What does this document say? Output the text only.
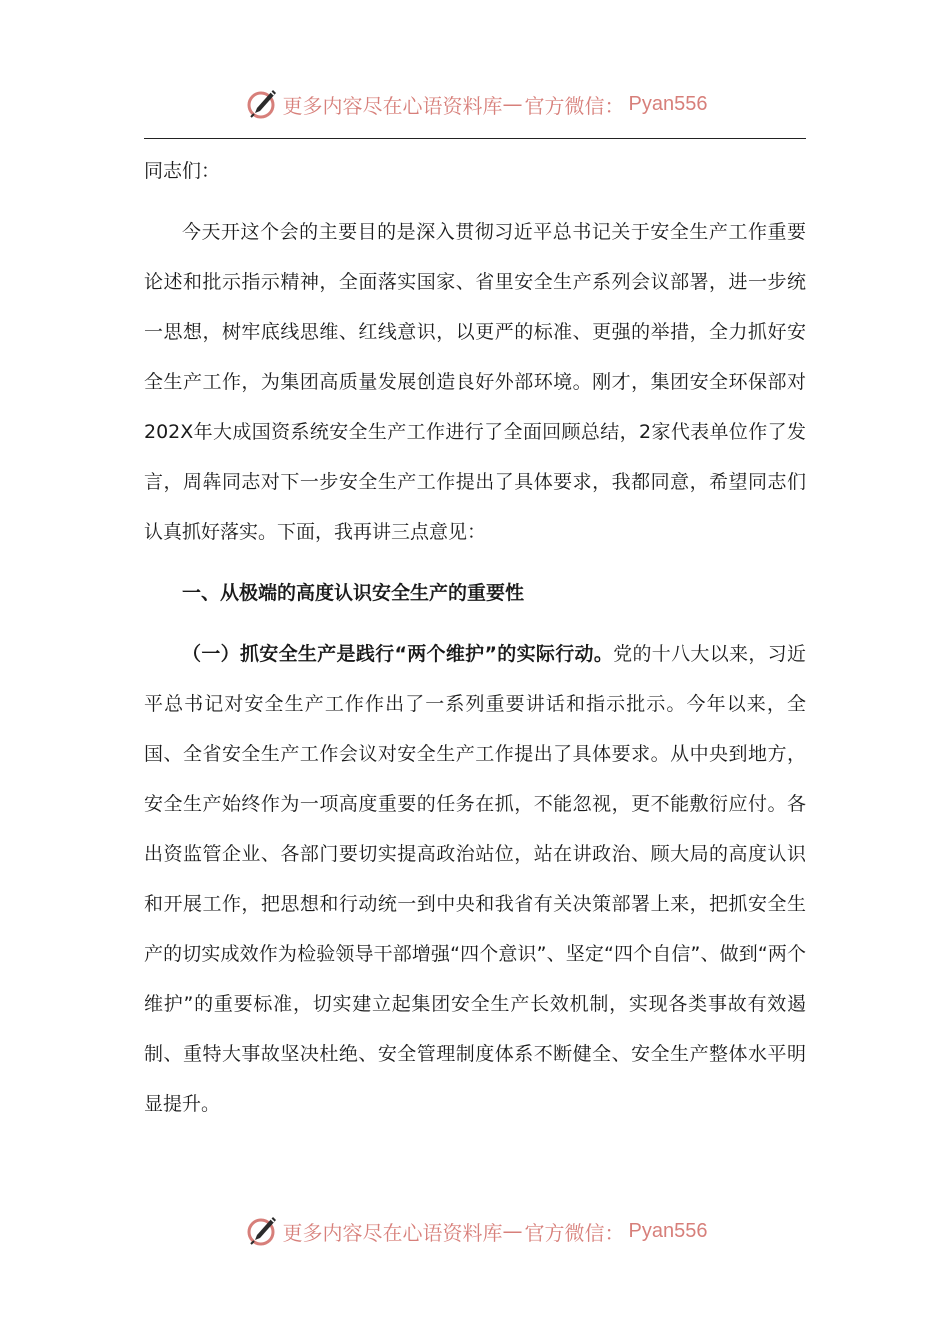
更多内容尽在心语资料库 — 官方微信： Pyan556

同志们：

今天开这个会的主要目的是深入贯彻习近平总书记关于安全生产工作重要论述和批示指示精神，全面落实国家、省里安全生产系列会议部署，进一步统一思想，树牢底线思维、红线意识，以更严的标准、更强的举措，全力抓好安全生产工作，为集团高质量发展创造良好外部环境。刚才，集团安全环保部对202X年大成国资系统安全生产工作进行了全面回顾总结，2家代表单位作了发言，周犇同志对下一步安全生产工作提出了具体要求，我都同意，希望同志们认真抓好落实。下面，我再讲三点意见：

一、从极端的高度认识安全生产的重要性

（一）抓安全生产是践行“两个维护”的实际行动。党的十八大以来，习近平总书记对安全生产工作作出了一系列重要讲话和指示批示。今年以来，全国、全省安全生产工作会议对安全生产工作提出了具体要求。从中央到地方，安全生产始终作为一项高度重要的任务在抓，不能忽视，更不能敷衍应付。各出资监管企业、各部门要切实提高政治站位，站在讲政治、顾大局的高度认识和开展工作，把思想和行动统一到中央和我省有关决策部署上来，把抓安全生产的切实成效作为检验领导干部增强“四个意识”、坚定“四个自信”、做到“两个维护”的重要标准，切实建立起集团安全生产长效机制，实现各类事故有效遏制、重特大事故坚决杜绝、安全管理制度体系不断健全、安全生产整体水平明显提升。

更多内容尽在心语资料库 — 官方微信： Pyan556
